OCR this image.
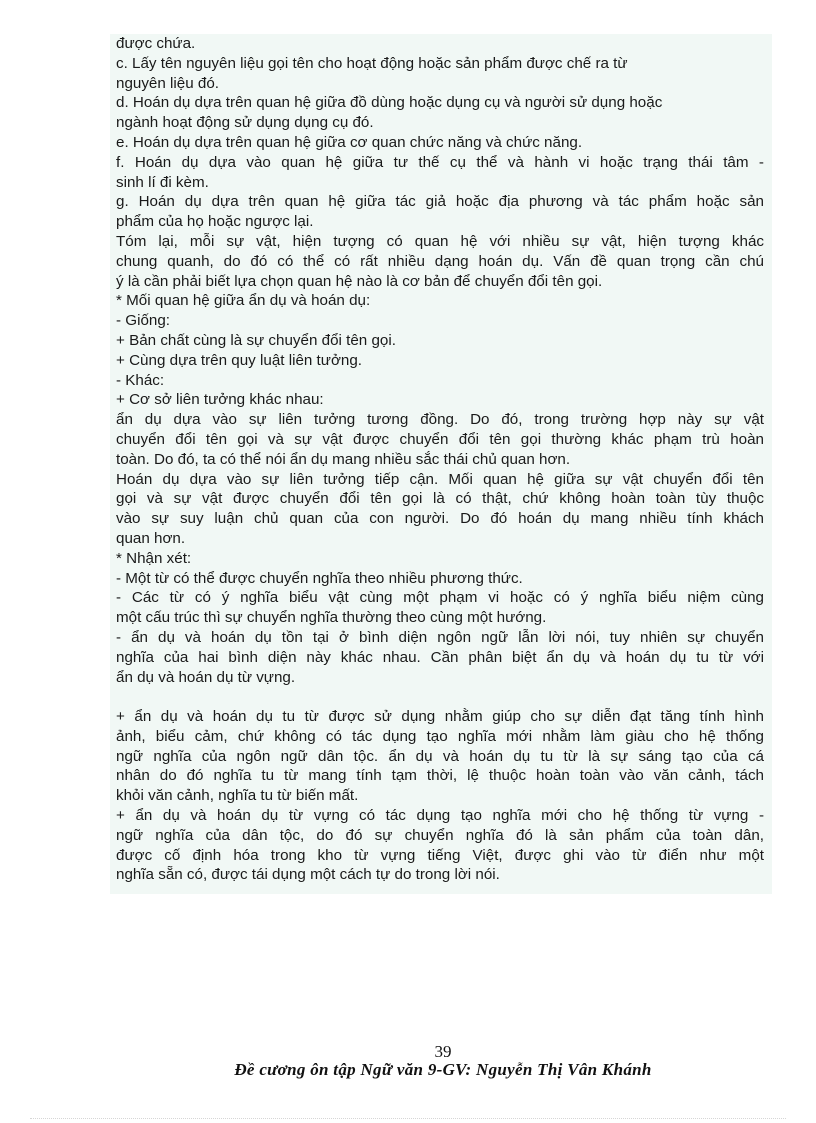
được chứa.
c. Lấy tên nguyên liệu gọi tên cho hoạt động hoặc sản phẩm được chế ra từ
nguyên liệu đó.
d. Hoán dụ dựa trên quan hệ giữa đồ dùng hoặc dụng cụ và người sử dụng hoặc
ngành hoạt động sử dụng dụng cụ đó.
e. Hoán dụ dựa trên quan hệ giữa cơ quan chức năng và chức năng.
f. Hoán dụ dựa vào quan hệ giữa tư thế cụ thể và hành vi hoặc trạng thái tâm -
sinh lí đi kèm.
g. Hoán dụ dựa trên quan hệ giữa tác giả hoặc địa phương và tác phẩm hoặc sản
phẩm của họ hoặc ngược lại.
Tóm lại, mỗi sự vật, hiện tượng có quan hệ với nhiều sự vật, hiện tượng khác
chung quanh, do đó có thể có rất nhiều dạng hoán dụ. Vấn đề quan trọng cần chú
ý là cần phải biết lựa chọn quan hệ nào là cơ bản để chuyển đổi tên gọi.
* Mối quan hệ giữa ẩn dụ và hoán dụ:
- Giống:
+ Bản chất cùng là sự chuyển đổi tên gọi.
+ Cùng dựa trên quy luật liên tưởng.
- Khác:
+ Cơ sở liên tưởng khác nhau:
ẩn dụ dựa vào sự liên tưởng tương đồng. Do đó, trong trường hợp này sự vật
chuyển đổi tên gọi và sự vật được chuyển đổi tên gọi thường khác phạm trù hoàn
toàn. Do đó, ta có thể nói ẩn dụ mang nhiều sắc thái chủ quan hơn.
Hoán dụ dựa vào sự liên tưởng tiếp cận. Mối quan hệ giữa sự vật chuyển đổi tên
gọi và sự vật được chuyển đổi tên gọi là có thật, chứ không hoàn toàn tùy thuộc
vào sự suy luận chủ quan của con người. Do đó hoán dụ mang nhiều tính khách
quan hơn.
* Nhận xét:
- Một từ có thể được chuyển nghĩa theo nhiều phương thức.
- Các từ có ý nghĩa biểu vật cùng một phạm vi hoặc có ý nghĩa biểu niệm cùng
một cấu trúc thì sự chuyển nghĩa thường theo cùng một hướng.
- ẩn dụ và hoán dụ tồn tại ở bình diện ngôn ngữ lẫn lời nói, tuy nhiên sự chuyển
nghĩa của hai bình diện này khác nhau. Cần phân biệt ẩn dụ và hoán dụ tu từ với
ẩn dụ và hoán dụ từ vựng.
+ ẩn dụ và hoán dụ tu từ được sử dụng nhằm giúp cho sự diễn đạt tăng tính hình
ảnh, biểu cảm, chứ không có tác dụng tạo nghĩa mới nhằm làm giàu cho hệ thống
ngữ nghĩa của ngôn ngữ dân tộc. ẩn dụ và hoán dụ tu từ là sự sáng tạo của cá
nhân do đó nghĩa tu từ mang tính tạm thời, lệ thuộc hoàn toàn vào văn cảnh, tách
khỏi văn cảnh, nghĩa tu từ biến mất.
+ ẩn dụ và hoán dụ từ vựng có tác dụng tạo nghĩa mới cho hệ thống từ vựng -
ngữ nghĩa của dân tộc, do đó sự chuyển nghĩa đó là sản phẩm của toàn dân,
được cố định hóa trong kho từ vựng tiếng Việt, được ghi vào từ điển như một
nghĩa sẵn có, được tái dụng một cách tự do trong lời nói.
39
Đề cương ôn tập Ngữ văn 9-GV: Nguyễn Thị Vân Khánh
